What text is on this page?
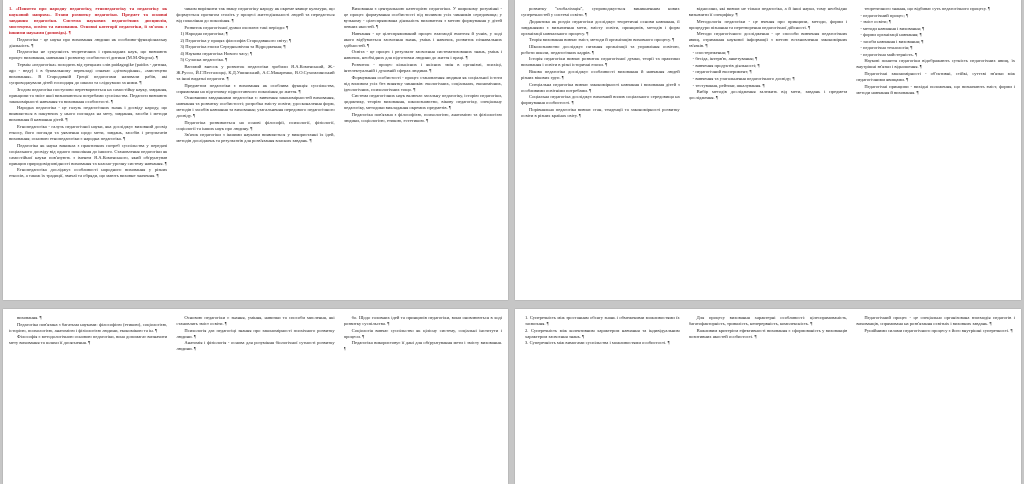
1. «Поняття про народну педагогіку, етнопедагогіку та педагогіку як науковий напрям». Етапи розвитку педагогіки. Предмет та основні завдання педагогіки. Система наукових педагогічних дисциплін, мистецтва, освіти та виховання. Основні категорії педагогіки, її зв'язок з іншими науками (доповідь). ¶

Педагогіка - це наука про виховання людини як особливо-функціональну діяльність. ¶

Педагогіка не сукупність теоретичних і прикладних наук, що вивчають процес виховання, навчання і розвитку особистості дитини (М.М.Фіцула). ¶

Термін «педагогіка» походить від грецьких слів paidagogike (paidos - дитина, ago - веду) і в буквальному перекладі означає «дітоводіння», «мистецтво виховання». В Стародавній Греції педагогами називали рабів, які супроводжували дітей господаря до школи та слідкували за ними. ¶

Згодом педагогіка поступово перетворюється на самостійну науку, завдання, принципи та зміст якої визначаються потребами суспільства. Педагоги вивчають закономірності навчання та виховання особистості. ¶

Народна педагогіка - це галузь педагогічних знань і досвіду народу, що виявляється в пануючих у нього поглядах на мету, завдання, засоби і методи виховання й навчання дітей. ¶

Етнопедагогіка - галузь педагогічної науки, яка досліджує виховний досвід етносу, його погляди та уявлення щодо мети, завдань, засобів і результатів виховання; основою етнопедагогіки є народна педагогіка. ¶

Педагогіка як наука виникла з практичних потреб суспільства у передачі соціального досвіду від одного покоління до іншого. Становлення педагогіки як самостійної науки пов'язують з іменем Я.А.Коменського, який обґрунтував принцип природовідповідності виховання та класно-урочну систему навчання. ¶

Етнопедагогіка досліджує особливості народного виховання у різних етносів, а також їх традиції, звичаї та обряди, що мають виховне значення. ¶

чином вирізнити так звану педагогіку народу як окреме явище культури, що формується протягом століть у процесі життєдіяльності людей та передається від покоління до покоління. ¶

Розвиток педагогічної думки охоплює такі періоди: ¶

1) Народна педагогіка; ¶

2) Педагогіка у працях філософів Стародавнього світу; ¶

3) Педагогіка епохи Середньовіччя та Відродження; ¶

4) Наукова педагогіка Нового часу; ¶

5) Сучасна педагогіка. ¶

Вагомий внесок у розвиток педагогіки зробили Я.А.Коменський, Ж.-Ж.Руссо, Й.Г.Песталоцці, К.Д.Ушинський, А.С.Макаренко, В.О.Сухомлинський та інші видатні педагоги. ¶

Предметом педагогіки є виховання як особлива функція суспільства, спрямована на підготовку підростаючого покоління до життя. ¶

Основними завданнями педагогіки є: вивчення закономірностей виховання, навчання та розвитку особистості; розробка змісту освіти; удосконалення форм, методів і засобів навчання та виховання; узагальнення передового педагогічного досвіду. ¶

Педагогіка розвивається на основі філософії, психології, фізіології, соціології та інших наук про людину. ¶

Зв'язок педагогіки з іншими науками виявляється у використанні їх ідей, методів досліджень та результатів для розв'язання власних завдань. ¶

Виховання є центральною категорією педагогіки. У широкому розумінні - це процес формування особистості під впливом усіх чинників середовища; у вузькому - цілеспрямована діяльність вихователя з метою формування у дітей певних якостей. ¶

Навчання - це цілеспрямований процес взаємодії вчителя й учнів, у ході якого відбувається засвоєння знань, умінь і навичок, розвиток пізнавальних здібностей. ¶

Освіта - це процес і результат засвоєння систематизованих знань, умінь і навичок, необхідних для підготовки людини до життя і праці. ¶

Розвиток - процес кількісних і якісних змін в організмі, психіці, інтелектуальній і духовній сферах людини. ¶

Формування особистості - процес становлення людини як соціальної істоти під впливом усіх без винятку чинників: екологічних, соціальних, економічних, ідеологічних, психологічних тощо. ¶

Система педагогічних наук включає загальну педагогіку, історію педагогіки, дидактику, теорію виховання, школознавство, вікову педагогіку, спеціальну педагогіку, методики викладання окремих предметів. ¶

Педагогіка пов'язана з філософією, психологією, анатомією та фізіологією людини, соціологією, етикою, естетикою. ¶

розвитку "глобалізація", супроводжується виникненням нових суперечностей у системі освіти. ¶

Дидактика як розділ педагогіки досліджує теоретичні основи навчання, її завданнями є визначення мети, змісту освіти, принципів, методів і форм організації навчального процесу. ¶

Теорія виховання вивчає зміст, методи й організацію виховного процесу. ¶

Школознавство досліджує питання організації та управління освітою, роботи школи, педагогічних кадрів. ¶

Історія педагогіки вивчає розвиток педагогічної думки, теорії та практики виховання і освіти в різні історичні епохи. ¶

Вікова педагогіка досліджує особливості виховання й навчання людей різних вікових груп. ¶

Спеціальна педагогіка вивчає закономірності навчання і виховання дітей з особливими освітніми потребами. ¶

Соціальна педагогіка досліджує виховний вплив соціального середовища на формування особистості. ¶

Порівняльна педагогіка вивчає стан, тенденції та закономірності розвитку освіти в різних країнах світу. ¶

відносини, які вивчає не тільки педагогіка, а й інші науки, тому необхідно визначити її специфіку. ¶

Методологія педагогіки - це вчення про принципи, методи, форми і процедури пізнання та перетворення педагогічної дійсності. ¶

Методи педагогічного дослідження - це способи вивчення педагогічних явищ, отримання наукової інформації з метою встановлення закономірних зв'язків. ¶

- спостереження; ¶

- бесіда, інтерв'ю, анкетування; ¶

- вивчення продуктів діяльності; ¶

- педагогічний експеримент; ¶

- вивчення та узагальнення педагогічного досвіду; ¶

- тестування, рейтинг, шкалування. ¶

Вибір методів дослідження залежить від мети, завдань і предмета дослідження. ¶

теоретичного знання, що відбиває суть педагогічного процесу. ¶

- педагогічний процес; ¶

- зміст освіти; ¶

- методи навчання і виховання; ¶

- форми організації навчання; ¶

- засоби навчання і виховання; ¶

- педагогічна технологія; ¶

- педагогічна майстерність. ¶

Наукові поняття педагогіки відображають сутність педагогічних явищ, їх внутрішні зв'язки і відношення. ¶

Педагогічні закономірності - об'єктивні, стійкі, суттєві зв'язки між педагогічними явищами. ¶

Педагогічні принципи - вихідні положення, що визначають зміст, форми і методи навчання й виховання. ¶

виховання. ¶

Педагогіка пов'язана з багатьма науками: філософією (етикою), соціологією, історією, психологією, анатомією і фізіологією людини, економікою та ін. ¶

Філософія є методологічною основою педагогіки, вона допомагає визначити мету виховання та шляхи її досягнення. ¶

Основою педагогіки є знання, уміння, навички та способи мислення, які становлять зміст освіти. ¶

Психологія дає педагогіці знання про закономірності психічного розвитку людини. ¶

Анатомія і фізіологія - основа для розуміння біологічної сутності розвитку людини. ¶

бо. Щодо головних ідей та принципів педагогіки, вони оновлюються в ході розвитку суспільства. ¶

Соціологія вивчає суспільство як цілісну систему, соціальні інститути і процеси. ¶

Педагогіка використовує її дані для обґрунтування мети і змісту виховання. ¶

1. Суперечність між зростанням обсягу знань і обмеженими можливостями їх засвоєння. ¶

2. Суперечність між колективним характером навчання та індивідуальним характером засвоєння знань. ¶

3. Суперечність між вимогами суспільства і можливостями особистості. ¶

Для процесу виховання характерні особливості: цілеспрямованість, багатофакторність, тривалість, неперервність, комплексність. ¶

Важливим критерієм ефективності виховання є сформованість у вихованців позитивних якостей особистості. ¶

Педагогічний процес - це спеціально організована взаємодія педагогів і вихованців, спрямована на розв'язання освітніх і виховних завдань. ¶

Рушійними силами педагогічного процесу є його внутрішні суперечності. ¶
